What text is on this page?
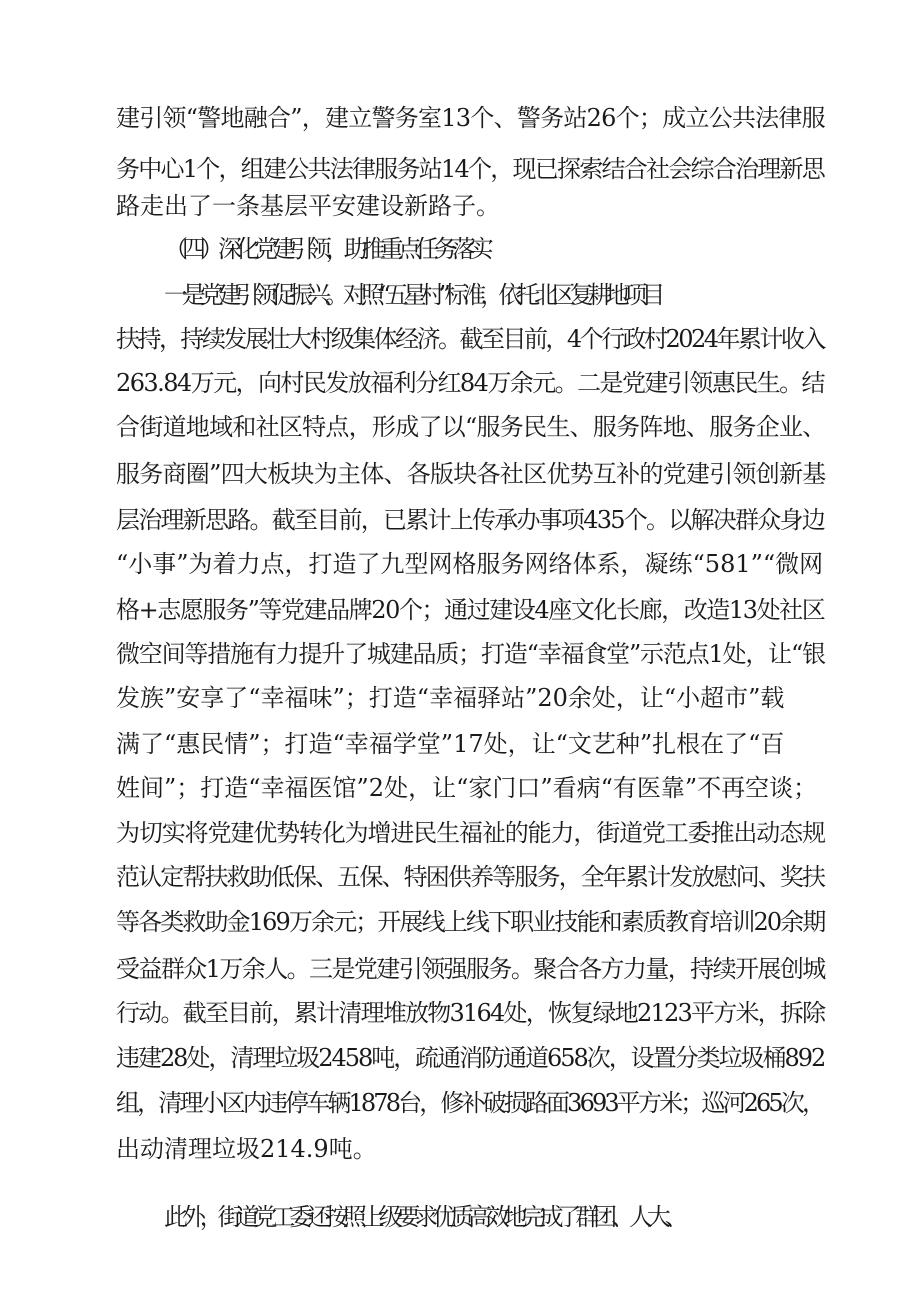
建引领“警地融合”，建立警务室13个、警务站26个；成立公共法律服
务中心1个，组建公共法律服务站14个，现已探索结合社会综合治理新思
路走出了一条基层平安建设新路子。
（四）深化党建引领，助推重点任务落实
一是党建引领促振兴。对照“五星村”标准，依托北区复耕地项目
扶持，持续发展壮大村级集体经济。截至目前，4个行政村2024年累计收入
263.84万元，向村民发放福利分红84万余元。二是党建引领惠民生。结
合街道地域和社区特点，形成了以“服务民生、服务阵地、服务企业、
服务商圈”四大板块为主体、各版块各社区优势互补的党建引领创新基
层治理新思路。截至目前，已累计上传承办事项435个。以解决群众身边
“小事”为着力点，打造了九型网格服务网络体系，凝练“581”“微网
格+志愿服务”等党建品牌20个；通过建设4座文化长廊，改造13处社区
微空间等措施有力提升了城建品质；打造“幸福食堂”示范点1处，让“银
发族”安享了“幸福味”；打造“幸福驿站”20余处，让“小超市”载
满了“惠民情”；打造“幸福学堂”17处，让“文艺种”扎根在了“百
姓间”；打造“幸福医馆”2处，让“家门口”看病“有医靠”不再空谈；
为切实将党建优势转化为增进民生福祉的能力，街道党工委推出动态规
范认定帮扶救助低保、五保、特困供养等服务，全年累计发放慰问、奖扶
等各类救助金169万余元；开展线上线下职业技能和素质教育培训20余期
受益群众1万余人。三是党建引领强服务。聚合各方力量，持续开展创城
行动。截至目前，累计清理堆放物3164处，恢复绿地2123平方米，拆除
违建28处，清理垃圾2458吨，疏通消防通道658次，设置分类垃圾桶892
组，清理小区内违停车辆1878台，修补破损路面3693平方米；巡河265次，
出动清理垃圾214.9吨。
此外，街道党工委还按照上级要求优质高效地完成了群团、人大、
